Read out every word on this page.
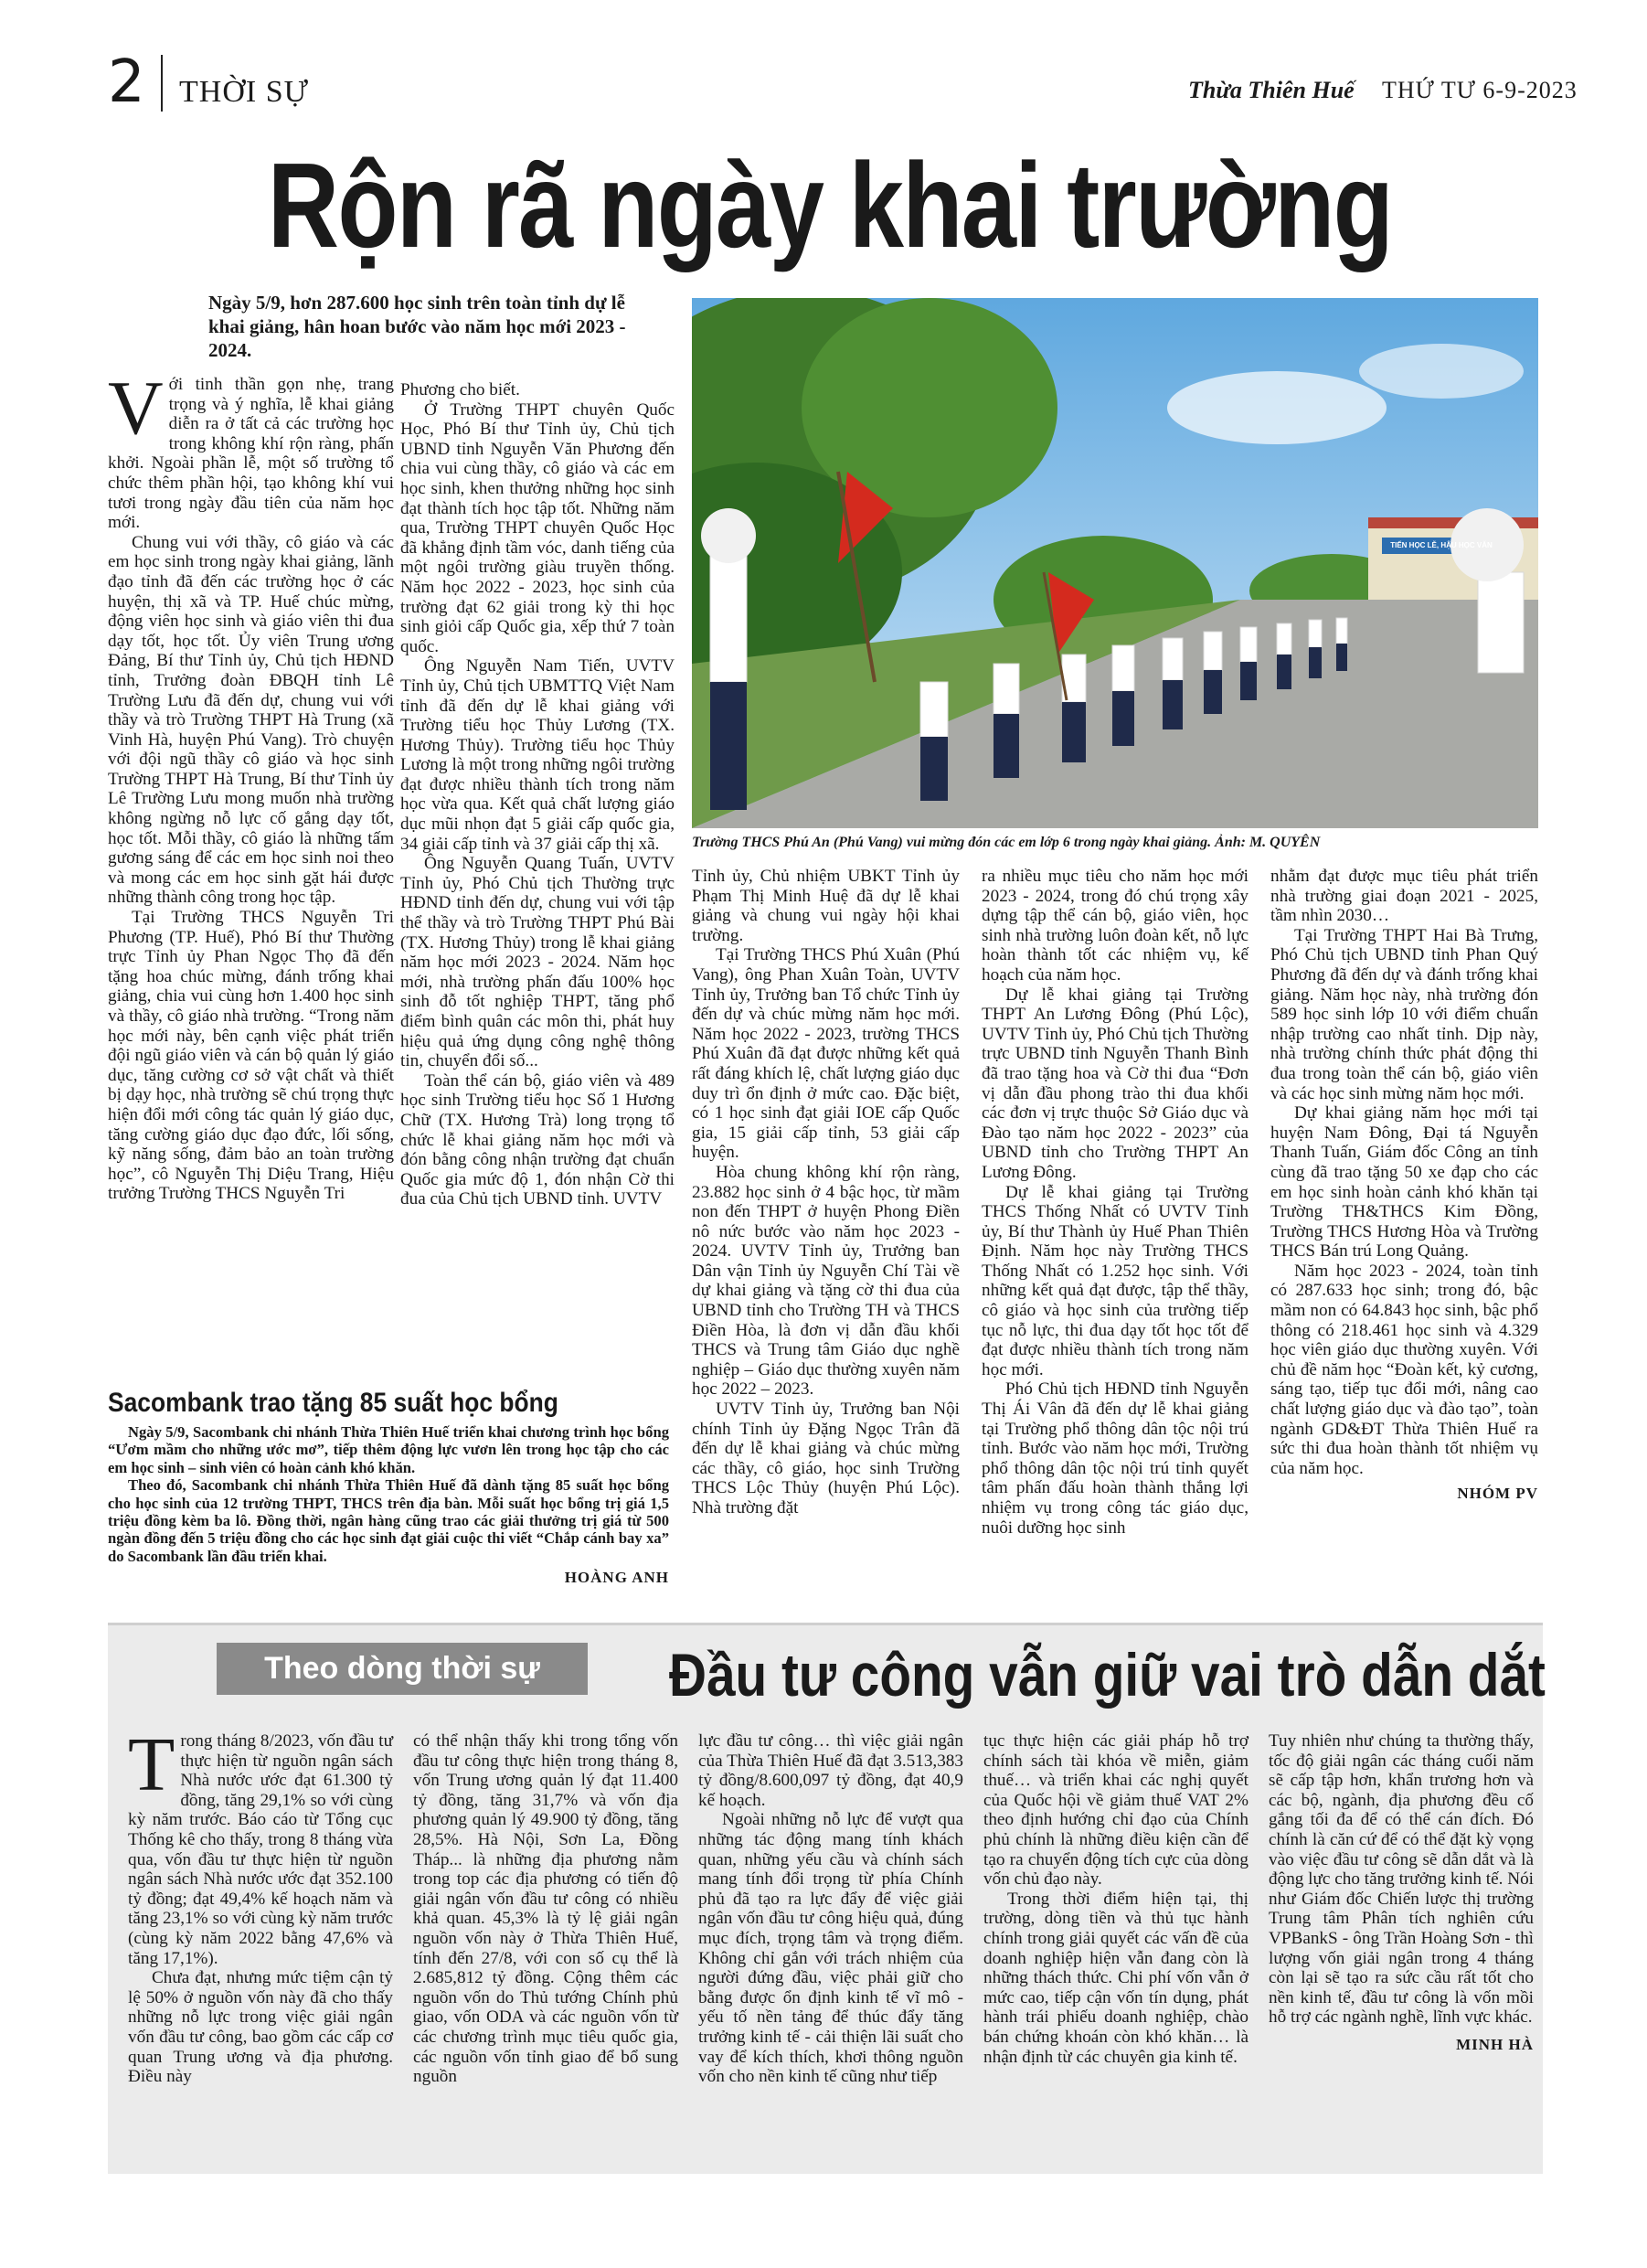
2 THỜI SỰ	Thừa Thiên Huế THỨ TƯ 6-9-2023
Rộn rã ngày khai trường
Ngày 5/9, hơn 287.600 học sinh trên toàn tỉnh dự lễ khai giảng, hân hoan bước vào năm học mới 2023 - 2024.
TIẾN HỌC LỄ, HẬU HỌC VĂN
Trường THCS Phú An (Phú Vang) vui mừng đón các em lớp 6 trong ngày khai giảng. Ảnh: M. QUYÊN

Với tinh thần gọn nhẹ, trang trọng và ý nghĩa, lễ khai giảng diễn ra ở tất cả các trường học trong không khí rộn ràng, phấn khởi. Ngoài phần lễ, một số trường tổ chức thêm phần hội, tạo không khí vui tươi trong ngày đầu tiên của năm học mới.

Chung vui với thầy, cô giáo và các em học sinh trong ngày khai giảng, lãnh đạo tỉnh đã đến các trường học ở các huyện, thị xã và TP. Huế chúc mừng, động viên học sinh và giáo viên thi đua dạy tốt, học tốt. Ủy viên Trung ương Đảng, Bí thư Tỉnh ủy, Chủ tịch HĐND tỉnh, Trưởng đoàn ĐBQH tỉnh Lê Trường Lưu đã đến dự, chung vui với thầy và trò Trường THPT Hà Trung (xã Vinh Hà, huyện Phú Vang). Trò chuyện với đội ngũ thầy cô giáo và học sinh Trường THPT Hà Trung, Bí thư Tỉnh ủy Lê Trường Lưu mong muốn nhà trường không ngừng nỗ lực cố gắng dạy tốt, học tốt. Mỗi thầy, cô giáo là những tấm gương sáng để các em học sinh noi theo và mong các em học sinh gặt hái được những thành công trong học tập.

Tại Trường THCS Nguyễn Tri Phương (TP. Huế), Phó Bí thư Thường trực Tỉnh ủy Phan Ngọc Thọ đã đến tặng hoa chúc mừng, đánh trống khai giảng, chia vui cùng hơn 1.400 học sinh và thầy, cô giáo nhà trường. “Trong năm học mới này, bên cạnh việc phát triển đội ngũ giáo viên và cán bộ quản lý giáo dục, tăng cường cơ sở vật chất và thiết bị dạy học, nhà trường sẽ chú trọng thực hiện đổi mới công tác quản lý giáo dục, tăng cường giáo dục đạo đức, lối sống, kỹ năng sống, đảm bảo an toàn trường học”, cô Nguyễn Thị Diệu Trang, Hiệu trưởng Trường THCS Nguyễn Tri

Phương cho biết.

Ở Trường THPT chuyên Quốc Học, Phó Bí thư Tỉnh ủy, Chủ tịch UBND tỉnh Nguyễn Văn Phương đến chia vui cùng thầy, cô giáo và các em học sinh, khen thưởng những học sinh đạt thành tích học tập tốt. Những năm qua, Trường THPT chuyên Quốc Học đã khẳng định tầm vóc, danh tiếng của một ngôi trường giàu truyền thống. Năm học 2022 - 2023, học sinh của trường đạt 62 giải trong kỳ thi học sinh giỏi cấp Quốc gia, xếp thứ 7 toàn quốc.

Ông Nguyễn Nam Tiến, UVTV Tỉnh ủy, Chủ tịch UBMTTQ Việt Nam tỉnh đã đến dự lễ khai giảng với Trường tiểu học Thủy Lương (TX. Hương Thủy). Trường tiểu học Thủy Lương là một trong những ngôi trường đạt được nhiều thành tích trong năm học vừa qua. Kết quả chất lượng giáo dục mũi nhọn đạt 5 giải cấp quốc gia, 34 giải cấp tỉnh và 37 giải cấp thị xã.

Ông Nguyễn Quang Tuấn, UVTV Tỉnh ủy, Phó Chủ tịch Thường trực HĐND tỉnh đến dự, chung vui với tập thể thầy và trò Trường THPT Phú Bài (TX. Hương Thủy) trong lễ khai giảng năm học mới 2023 - 2024. Năm học mới, nhà trường phấn đấu 100% học sinh đỗ tốt nghiệp THPT, tăng phổ điểm bình quân các môn thi, phát huy hiệu quả ứng dụng công nghệ thông tin, chuyển đổi số...

Toàn thể cán bộ, giáo viên và 489 học sinh Trường tiểu học Số 1 Hương Chữ (TX. Hương Trà) long trọng tổ chức lễ khai giảng năm học mới và đón bằng công nhận trường đạt chuẩn Quốc gia mức độ 1, đón nhận Cờ thi đua của Chủ tịch UBND tỉnh. UVTV

Tỉnh ủy, Chủ nhiệm UBKT Tỉnh ủy Phạm Thị Minh Huệ đã dự lễ khai giảng và chung vui ngày hội khai trường.

Tại Trường THCS Phú Xuân (Phú Vang), ông Phan Xuân Toàn, UVTV Tỉnh ủy, Trưởng ban Tổ chức Tỉnh ủy đến dự và chúc mừng năm học mới. Năm học 2022 - 2023, trường THCS Phú Xuân đã đạt được những kết quả rất đáng khích lệ, chất lượng giáo dục duy trì ổn định ở mức cao. Đặc biệt, có 1 học sinh đạt giải IOE cấp Quốc gia, 15 giải cấp tỉnh, 53 giải cấp huyện.

Hòa chung không khí rộn ràng, 23.882 học sinh ở 4 bậc học, từ mầm non đến THPT ở huyện Phong Điền nô nức bước vào năm học 2023 - 2024. UVTV Tỉnh ủy, Trưởng ban Dân vận Tỉnh ủy Nguyễn Chí Tài về dự khai giảng và tặng cờ thi đua của UBND tỉnh cho Trường TH và THCS Điền Hòa, là đơn vị dẫn đầu khối THCS và Trung tâm Giáo dục nghề nghiệp – Giáo dục thường xuyên năm học 2022 – 2023.

UVTV Tỉnh ủy, Trưởng ban Nội chính Tỉnh ủy Đặng Ngọc Trân đã đến dự lễ khai giảng và chúc mừng các thầy, cô giáo, học sinh Trường THCS Lộc Thủy (huyện Phú Lộc). Nhà trường đặt

ra nhiều mục tiêu cho năm học mới 2023 - 2024, trong đó chú trọng xây dựng tập thể cán bộ, giáo viên, học sinh nhà trường luôn đoàn kết, nỗ lực hoàn thành tốt các nhiệm vụ, kế hoạch của năm học.

Dự lễ khai giảng tại Trường THPT An Lương Đông (Phú Lộc), UVTV Tỉnh ủy, Phó Chủ tịch Thường trực UBND tỉnh Nguyễn Thanh Bình đã trao tặng hoa và Cờ thi đua “Đơn vị dẫn đầu phong trào thi đua khối các đơn vị trực thuộc Sở Giáo dục và Đào tạo năm học 2022 - 2023” của UBND tỉnh cho Trường THPT An Lương Đông.

Dự lễ khai giảng tại Trường THCS Thống Nhất có UVTV Tỉnh ủy, Bí thư Thành ủy Huế Phan Thiên Định. Năm học này Trường THCS Thống Nhất có 1.252 học sinh. Với những kết quả đạt được, tập thể thầy, cô giáo và học sinh của trường tiếp tục nỗ lực, thi đua dạy tốt học tốt để đạt được nhiều thành tích trong năm học mới.

Phó Chủ tịch HĐND tỉnh Nguyễn Thị Ái Vân đã đến dự lễ khai giảng tại Trường phổ thông dân tộc nội trú tỉnh. Bước vào năm học mới, Trường phổ thông dân tộc nội trú tỉnh quyết tâm phấn đấu hoàn thành thắng lợi nhiệm vụ trong công tác giáo dục, nuôi dưỡng học sinh

nhằm đạt được mục tiêu phát triển nhà trường giai đoạn 2021 - 2025, tầm nhìn 2030…

Tại Trường THPT Hai Bà Trưng, Phó Chủ tịch UBND tỉnh Phan Quý Phương đã đến dự và đánh trống khai giảng. Năm học này, nhà trường đón 589 học sinh lớp 10 với điểm chuẩn nhập trường cao nhất tỉnh. Dịp này, nhà trường chính thức phát động thi đua trong toàn thể cán bộ, giáo viên và các học sinh mừng năm học mới.

Dự khai giảng năm học mới tại huyện Nam Đông, Đại tá Nguyễn Thanh Tuấn, Giám đốc Công an tỉnh cùng đã trao tặng 50 xe đạp cho các em học sinh hoàn cảnh khó khăn tại Trường TH&THCS Kim Đồng, Trường THCS Hương Hòa và Trường THCS Bán trú Long Quảng.

Năm học 2023 - 2024, toàn tỉnh có 287.633 học sinh; trong đó, bậc mầm non có 64.843 học sinh, bậc phổ thông có 218.461 học sinh và 4.329 học viên giáo dục thường xuyên. Với chủ đề năm học “Đoàn kết, kỷ cương, sáng tạo, tiếp tục đổi mới, nâng cao chất lượng giáo dục và đào tạo”, toàn ngành GD&ĐT Thừa Thiên Huế ra sức thi đua hoàn thành tốt nhiệm vụ của năm học.

NHÓM PV
Sacombank trao tặng 85 suất học bổng

Ngày 5/9, Sacombank chi nhánh Thừa Thiên Huế triển khai chương trình học bổng “Ươm mầm cho những ước mơ”, tiếp thêm động lực vươn lên trong học tập cho các em học sinh – sinh viên có hoàn cảnh khó khăn.

Theo đó, Sacombank chi nhánh Thừa Thiên Huế đã dành tặng 85 suất học bổng cho học sinh của 12 trường THPT, THCS trên địa bàn. Mỗi suất học bổng trị giá 1,5 triệu đồng kèm ba lô. Đồng thời, ngân hàng cũng trao các giải thưởng trị giá từ 500 ngàn đồng đến 5 triệu đồng cho các học sinh đạt giải cuộc thi viết “Chắp cánh bay xa” do Sacombank lần đầu triển khai.

HOÀNG ANH
Theo dòng thời sự	Đầu tư công vẫn giữ vai trò dẫn dắt

Trong tháng 8/2023, vốn đầu tư thực hiện từ nguồn ngân sách Nhà nước ước đạt 61.300 tỷ đồng, tăng 29,1% so với cùng kỳ năm trước. Báo cáo từ Tổng cục Thống kê cho thấy, trong 8 tháng vừa qua, vốn đầu tư thực hiện từ nguồn ngân sách Nhà nước ước đạt 352.100 tỷ đồng; đạt 49,4% kế hoạch năm và tăng 23,1% so với cùng kỳ năm trước (cùng kỳ năm 2022 bằng 47,6% và tăng 17,1%).

Chưa đạt, nhưng mức tiệm cận tỷ lệ 50% ở nguồn vốn này đã cho thấy những nỗ lực trong việc giải ngân vốn đầu tư công, bao gồm các cấp cơ quan Trung ương và địa phương. Điều này

có thể nhận thấy khi trong tổng vốn đầu tư công thực hiện trong tháng 8, vốn Trung ương quản lý đạt 11.400 tỷ đồng, tăng 31,7% và vốn địa phương quản lý 49.900 tỷ đồng, tăng 28,5%. Hà Nội, Sơn La, Đồng Tháp... là những địa phương nằm trong top các địa phương có tiến độ giải ngân vốn đầu tư công có nhiều khả quan. 45,3% là tỷ lệ giải ngân nguồn vốn này ở Thừa Thiên Huế, tính đến 27/8, với con số cụ thể là 2.685,812 tỷ đồng. Cộng thêm các nguồn vốn do Thủ tướng Chính phủ giao, vốn ODA và các nguồn vốn từ các chương trình mục tiêu quốc gia, các nguồn vốn tỉnh giao để bổ sung nguồn

lực đầu tư công… thì việc giải ngân của Thừa Thiên Huế đã đạt 3.513,383 tỷ đồng/8.600,097 tỷ đồng, đạt 40,9 kế hoạch.

Ngoài những nỗ lực để vượt qua những tác động mang tính khách quan, những yếu cầu và chính sách mang tính đổi trọng từ phía Chính phủ đã tạo ra lực đẩy để việc giải ngân vốn đầu tư công hiệu quả, đúng mục đích, trọng tâm và trọng điểm. Không chỉ gắn với trách nhiệm của người đứng đầu, việc phải giữ cho bằng được ổn định kinh tế vĩ mô - yếu tố nền tảng để thúc đẩy tăng trưởng kinh tế - cải thiện lãi suất cho vay để kích thích, khơi thông nguồn vốn cho nền kinh tế cũng như tiếp

tục thực hiện các giải pháp hỗ trợ chính sách tài khóa về miễn, giảm thuế… và triển khai các nghị quyết của Quốc hội về giảm thuế VAT 2% theo định hướng chỉ đạo của Chính phủ chính là những điều kiện cần để tạo ra chuyển động tích cực của dòng vốn chủ đạo này.

Trong thời điểm hiện tại, thị trường, dòng tiền và thủ tục hành chính trong giải quyết các vấn đề của doanh nghiệp hiện vẫn đang còn là những thách thức. Chi phí vốn vẫn ở mức cao, tiếp cận vốn tín dụng, phát hành trái phiếu doanh nghiệp, chào bán chứng khoán còn khó khăn… là nhận định từ các chuyên gia kinh tế.

Tuy nhiên như chúng ta thường thấy, tốc độ giải ngân các tháng cuối năm sẽ cấp tập hơn, khẩn trương hơn và các bộ, ngành, địa phương đều cố gắng tối đa để có thể cán đích. Đó chính là căn cứ để có thể đặt kỳ vọng vào việc đầu tư công sẽ dẫn dắt và là động lực cho tăng trưởng kinh tế. Nói như Giám đốc Chiến lược thị trường Trung tâm Phân tích nghiên cứu VPBankS - ông Trần Hoàng Sơn - thì lượng vốn giải ngân trong 4 tháng còn lại sẽ tạo ra sức cầu rất tốt cho nền kinh tế, đầu tư công là vốn mồi hỗ trợ các ngành nghề, lĩnh vực khác.

MINH HÀ
